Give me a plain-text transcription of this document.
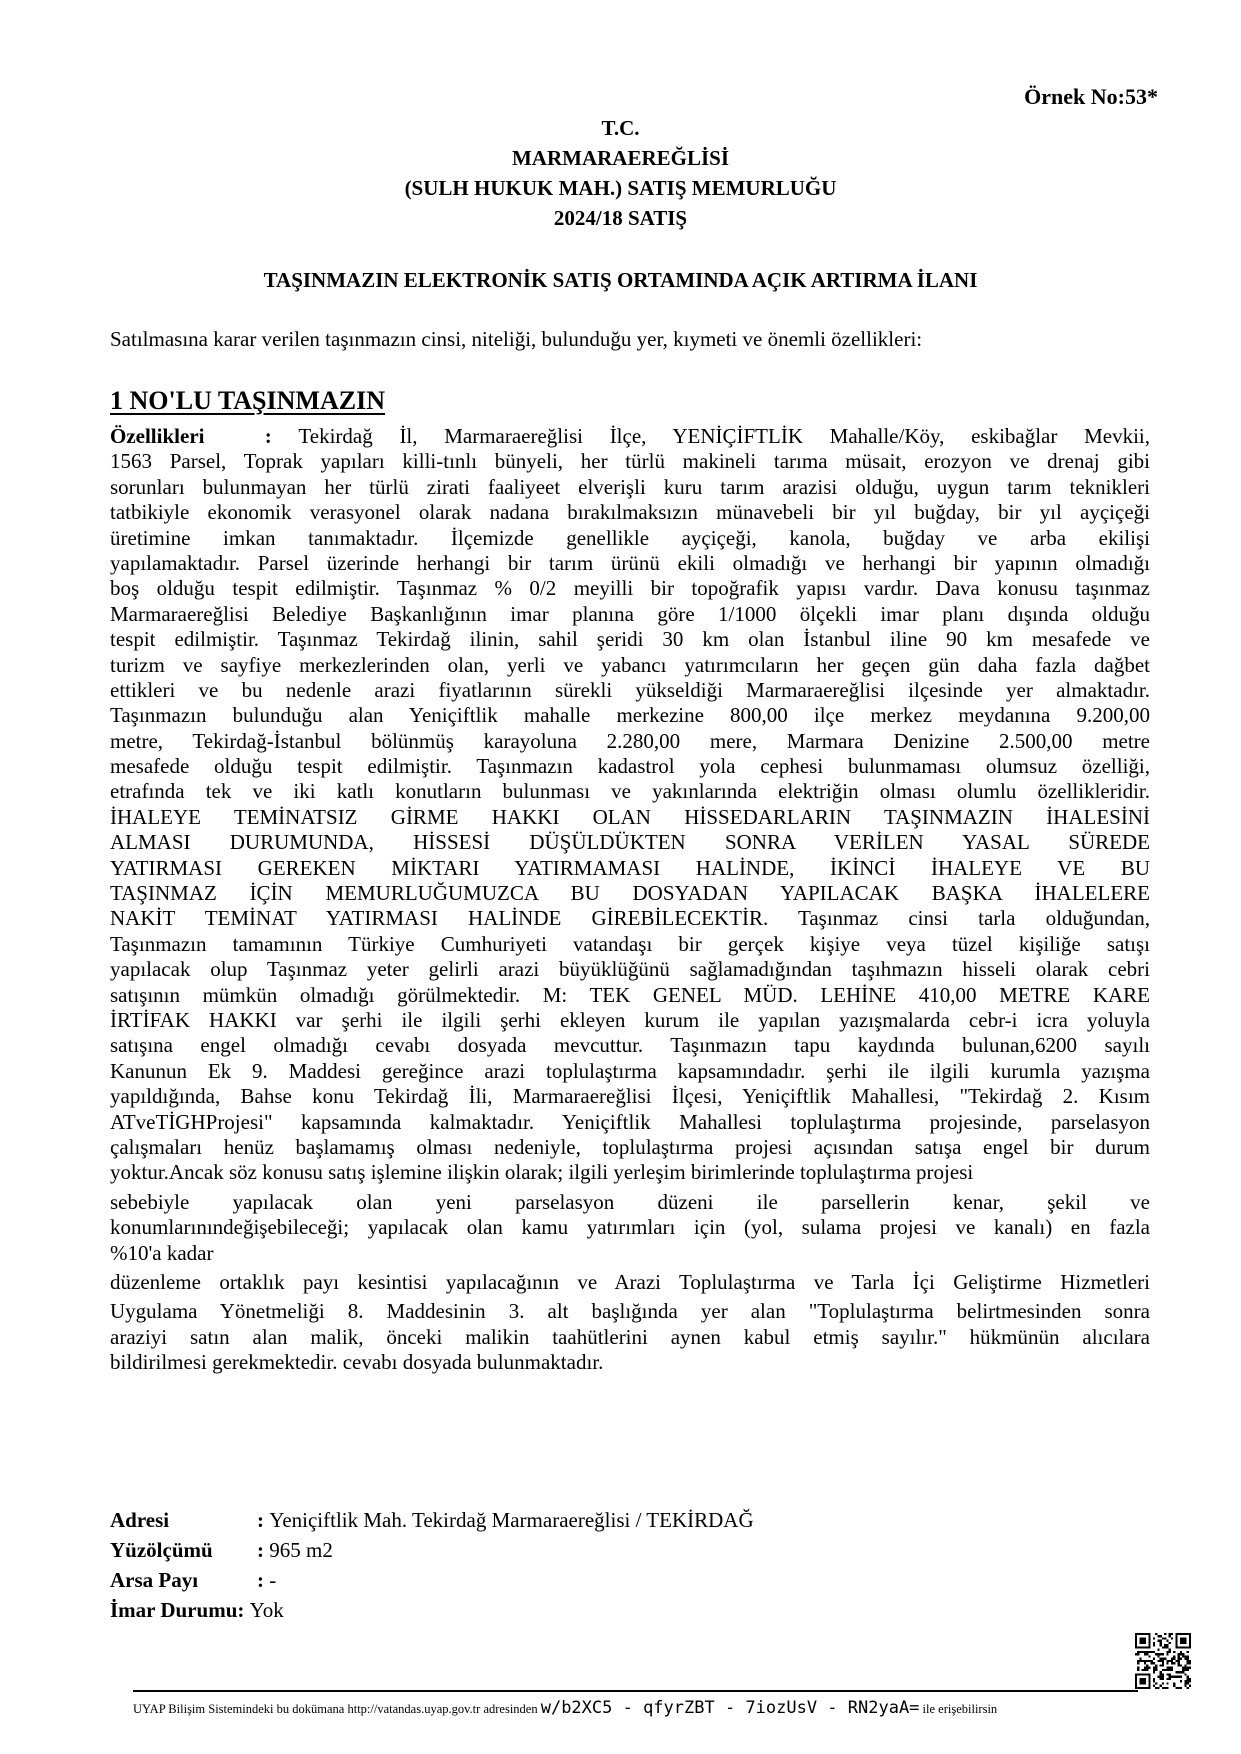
Örnek No:53*
T.C.
MARMARAEREĞLİSİ
(SULH HUKUK MAH.) SATIŞ MEMURLUĞU
2024/18 SATIŞ
TAŞINMAZIN ELEKTRONİK SATIŞ ORTAMINDA AÇIK ARTIRMA İLANI
Satılmasına karar verilen taşınmazın cinsi, niteliği, bulunduğu yer, kıymeti ve önemli özellikleri:
1 NO'LU TAŞINMAZIN
Özellikleri : Tekirdağ İl, Marmaraereğlisi İlçe, YENİÇİFTLİK Mahalle/Köy, eskibağlar Mevkii,
1563 Parsel, Toprak yapıları killi-tınlı bünyeli, her türlü makineli tarıma müsait, erozyon ve drenaj gibi
sorunları bulunmayan her türlü zirati faaliyeet elverişli kuru tarım arazisi olduğu, uygun tarım teknikleri
tatbikiyle ekonomik verasyonel olarak nadana bırakılmaksızın münavebeli bir yıl buğday, bir yıl ayçiçeği
üretimine imkan tanımaktadır. İlçemizde genellikle ayçiçeği, kanola, buğday ve arba ekilişi
yapılamaktadır. Parsel üzerinde herhangi bir tarım ürünü ekili olmadığı ve herhangi bir yapının olmadığı
boş olduğu tespit edilmiştir. Taşınmaz % 0/2 meyilli bir topoğrafik yapısı vardır. Dava konusu taşınmaz
Marmaraereğlisi Belediye Başkanlığının imar planına göre 1/1000 ölçekli imar planı dışında olduğu
tespit edilmiştir. Taşınmaz Tekirdağ ilinin, sahil şeridi 30 km olan İstanbul iline 90 km mesafede ve
turizm ve sayfiye merkezlerinden olan, yerli ve yabancı yatırımcıların her geçen gün daha fazla dağbet
ettikleri ve bu nedenle arazi fiyatlarının sürekli yükseldiği Marmaraereğlisi ilçesinde yer almaktadır.
Taşınmazın bulunduğu alan Yeniçiftlik mahalle merkezine 800,00 ilçe merkez meydanına 9.200,00
metre, Tekirdağ-İstanbul bölünmüş karayoluna 2.280,00 mere, Marmara Denizine 2.500,00 metre
mesafede olduğu tespit edilmiştir. Taşınmazın kadastrol yola cephesi bulunmaması olumsuz özelliği,
etrafında tek ve iki katlı konutların bulunması ve yakınlarında elektriğin olması olumlu özellikleridir.
İHALEYE TEMİNATSIZ GİRME HAKKI OLAN HİSSEDARLARIN TAŞINMAZIN İHALESİNİ
ALMASI DURUMUNDA, HİSSESİ DÜŞÜLDÜKTEN SONRA VERİLEN YASAL SÜREDE
YATIRMASI GEREKEN MİKTARI YATIRMAMASI HALİNDE, İKİNCİ İHALEYE VE BU
TAŞINMAZ İÇİN MEMURLUĞUMUZCA BU DOSYADAN YAPILACAK BAŞKA İHALELERE
NAKİT TEMİNAT YATIRMASI HALİNDE GİREBİLECEKTİR. Taşınmaz cinsi tarla olduğundan,
Taşınmazın tamamının Türkiye Cumhuriyeti vatandaşı bir gerçek kişiye veya tüzel kişiliğe satışı
yapılacak olup Taşınmaz yeter gelirli arazi büyüklüğünü sağlamadığından taşıhmazın hisseli olarak cebri
satışının mümkün olmadığı görülmektedir. M: TEK GENEL MÜD. LEHİNE 410,00 METRE KARE
İRTİFAK HAKKI var şerhi ile ilgili şerhi ekleyen kurum ile yapılan yazışmalarda cebr-i icra yoluyla
satışına engel olmadığı cevabı dosyada mevcuttur. Taşınmazın tapu kaydında bulunan,6200 sayılı
Kanunun Ek 9. Maddesi gereğince arazi toplulaştırma kapsamındadır. şerhi ile ilgili kurumla yazışma
yapıldığında, Bahse konu Tekirdağ İli, Marmaraereğlisi İlçesi, Yeniçiftlik Mahallesi, "Tekirdağ 2. Kısım
ATveTİGHProjesi" kapsamında kalmaktadır. Yeniçiftlik Mahallesi toplulaştırma projesinde, parselasyon
çalışmaları henüz başlamamış olması nedeniyle, toplulaştırma projesi açısından satışa engel bir durum
yoktur.Ancak söz konusu satış işlemine ilişkin olarak; ilgili yerleşim birimlerinde toplulaştırma projesi
sebebiyle yapılacak olan yeni parselasyon düzeni ile parsellerin kenar, şekil ve
konumlarınındeğişebileceği; yapılacak olan kamu yatırımları için (yol, sulama projesi ve kanalı) en fazla
%10'a kadar
düzenleme ortaklık payı kesintisi yapılacağının ve Arazi Toplulaştırma ve Tarla İçi Geliştirme Hizmetleri
Uygulama Yönetmeliği 8. Maddesinin 3. alt başlığında yer alan "Toplulaştırma belirtmesinden sonra
araziyi satın alan malik, önceki malikin taahütlerini aynen kabul etmiş sayılır." hükmünün alıcılara
bildirilmesi gerekmektedir. cevabı dosyada bulunmaktadır.
Adresi	: Yeniçiftlik Mah. Tekirdağ Marmaraereğlisi / TEKİRDAĞ
Yüzölçümü : 965 m2
Arsa Payı	: -
İmar Durumu: Yok
UYAP Bilişim Sistemindeki bu dokümana http://vatandas.uyap.gov.tr adresinden w/b2XC5 - qfyrZBT - 7iozUsV - RN2yaA= ile erişebilirsin
